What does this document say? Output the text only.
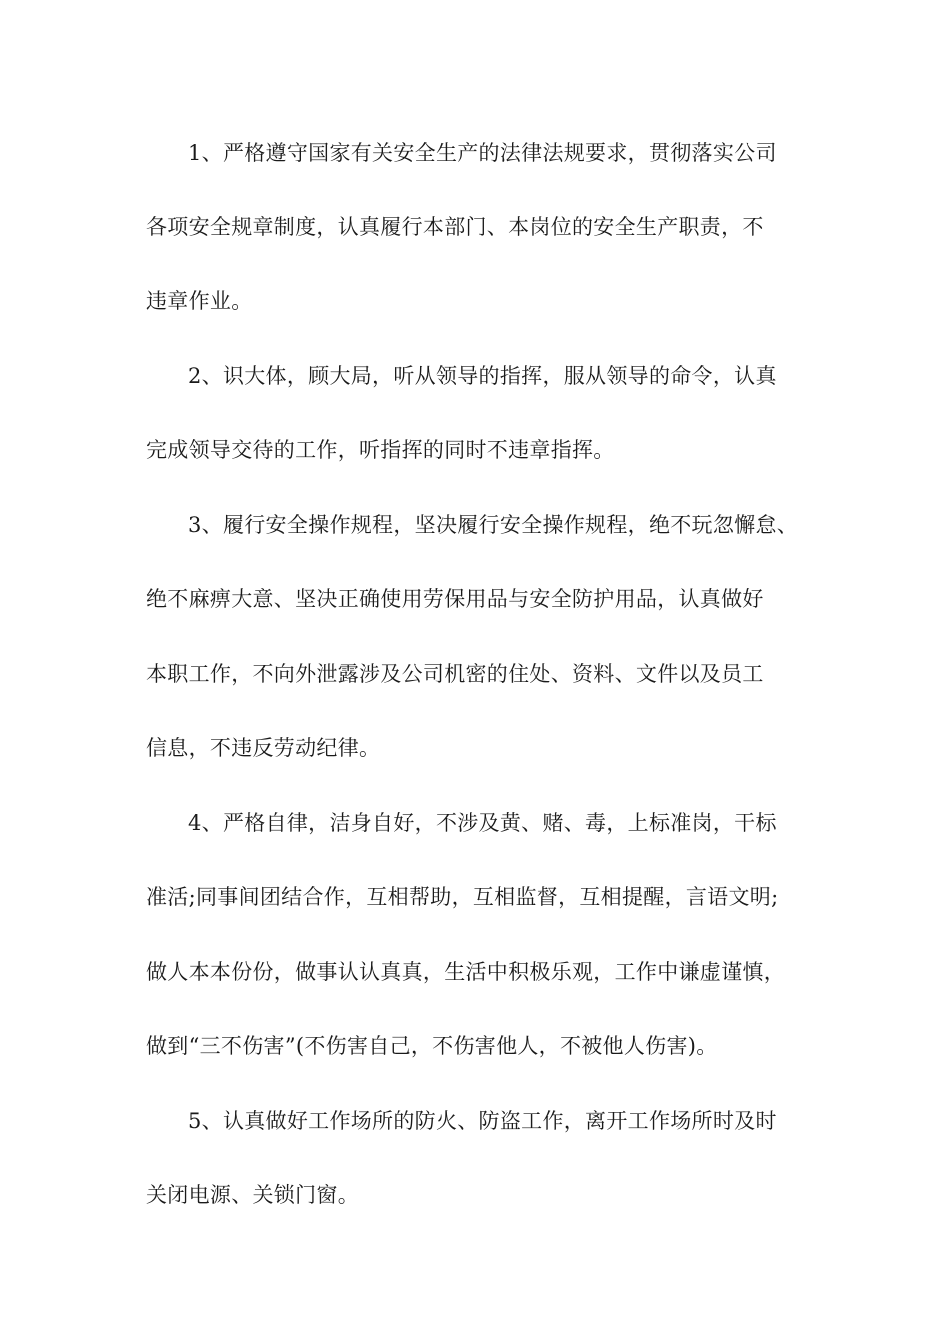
1、严格遵守国家有关安全生产的法律法规要求，贯彻落实公司
各项安全规章制度，认真履行本部门、本岗位的安全生产职责，不
违章作业。
2、识大体，顾大局，听从领导的指挥，服从领导的命令，认真
完成领导交待的工作，听指挥的同时不违章指挥。
3、履行安全操作规程，坚决履行安全操作规程，绝不玩忽懈怠、
绝不麻痹大意、坚决正确使用劳保用品与安全防护用品，认真做好
本职工作，不向外泄露涉及公司机密的住处、资料、文件以及员工
信息，不违反劳动纪律。
4、严格自律，洁身自好，不涉及黄、赌、毒，上标准岗，干标
准活;同事间团结合作，互相帮助，互相监督，互相提醒，言语文明;
做人本本份份，做事认认真真，生活中积极乐观，工作中谦虚谨慎，
做到“三不伤害”(不伤害自己，不伤害他人，不被他人伤害)。
5、认真做好工作场所的防火、防盗工作，离开工作场所时及时
关闭电源、关锁门窗。
